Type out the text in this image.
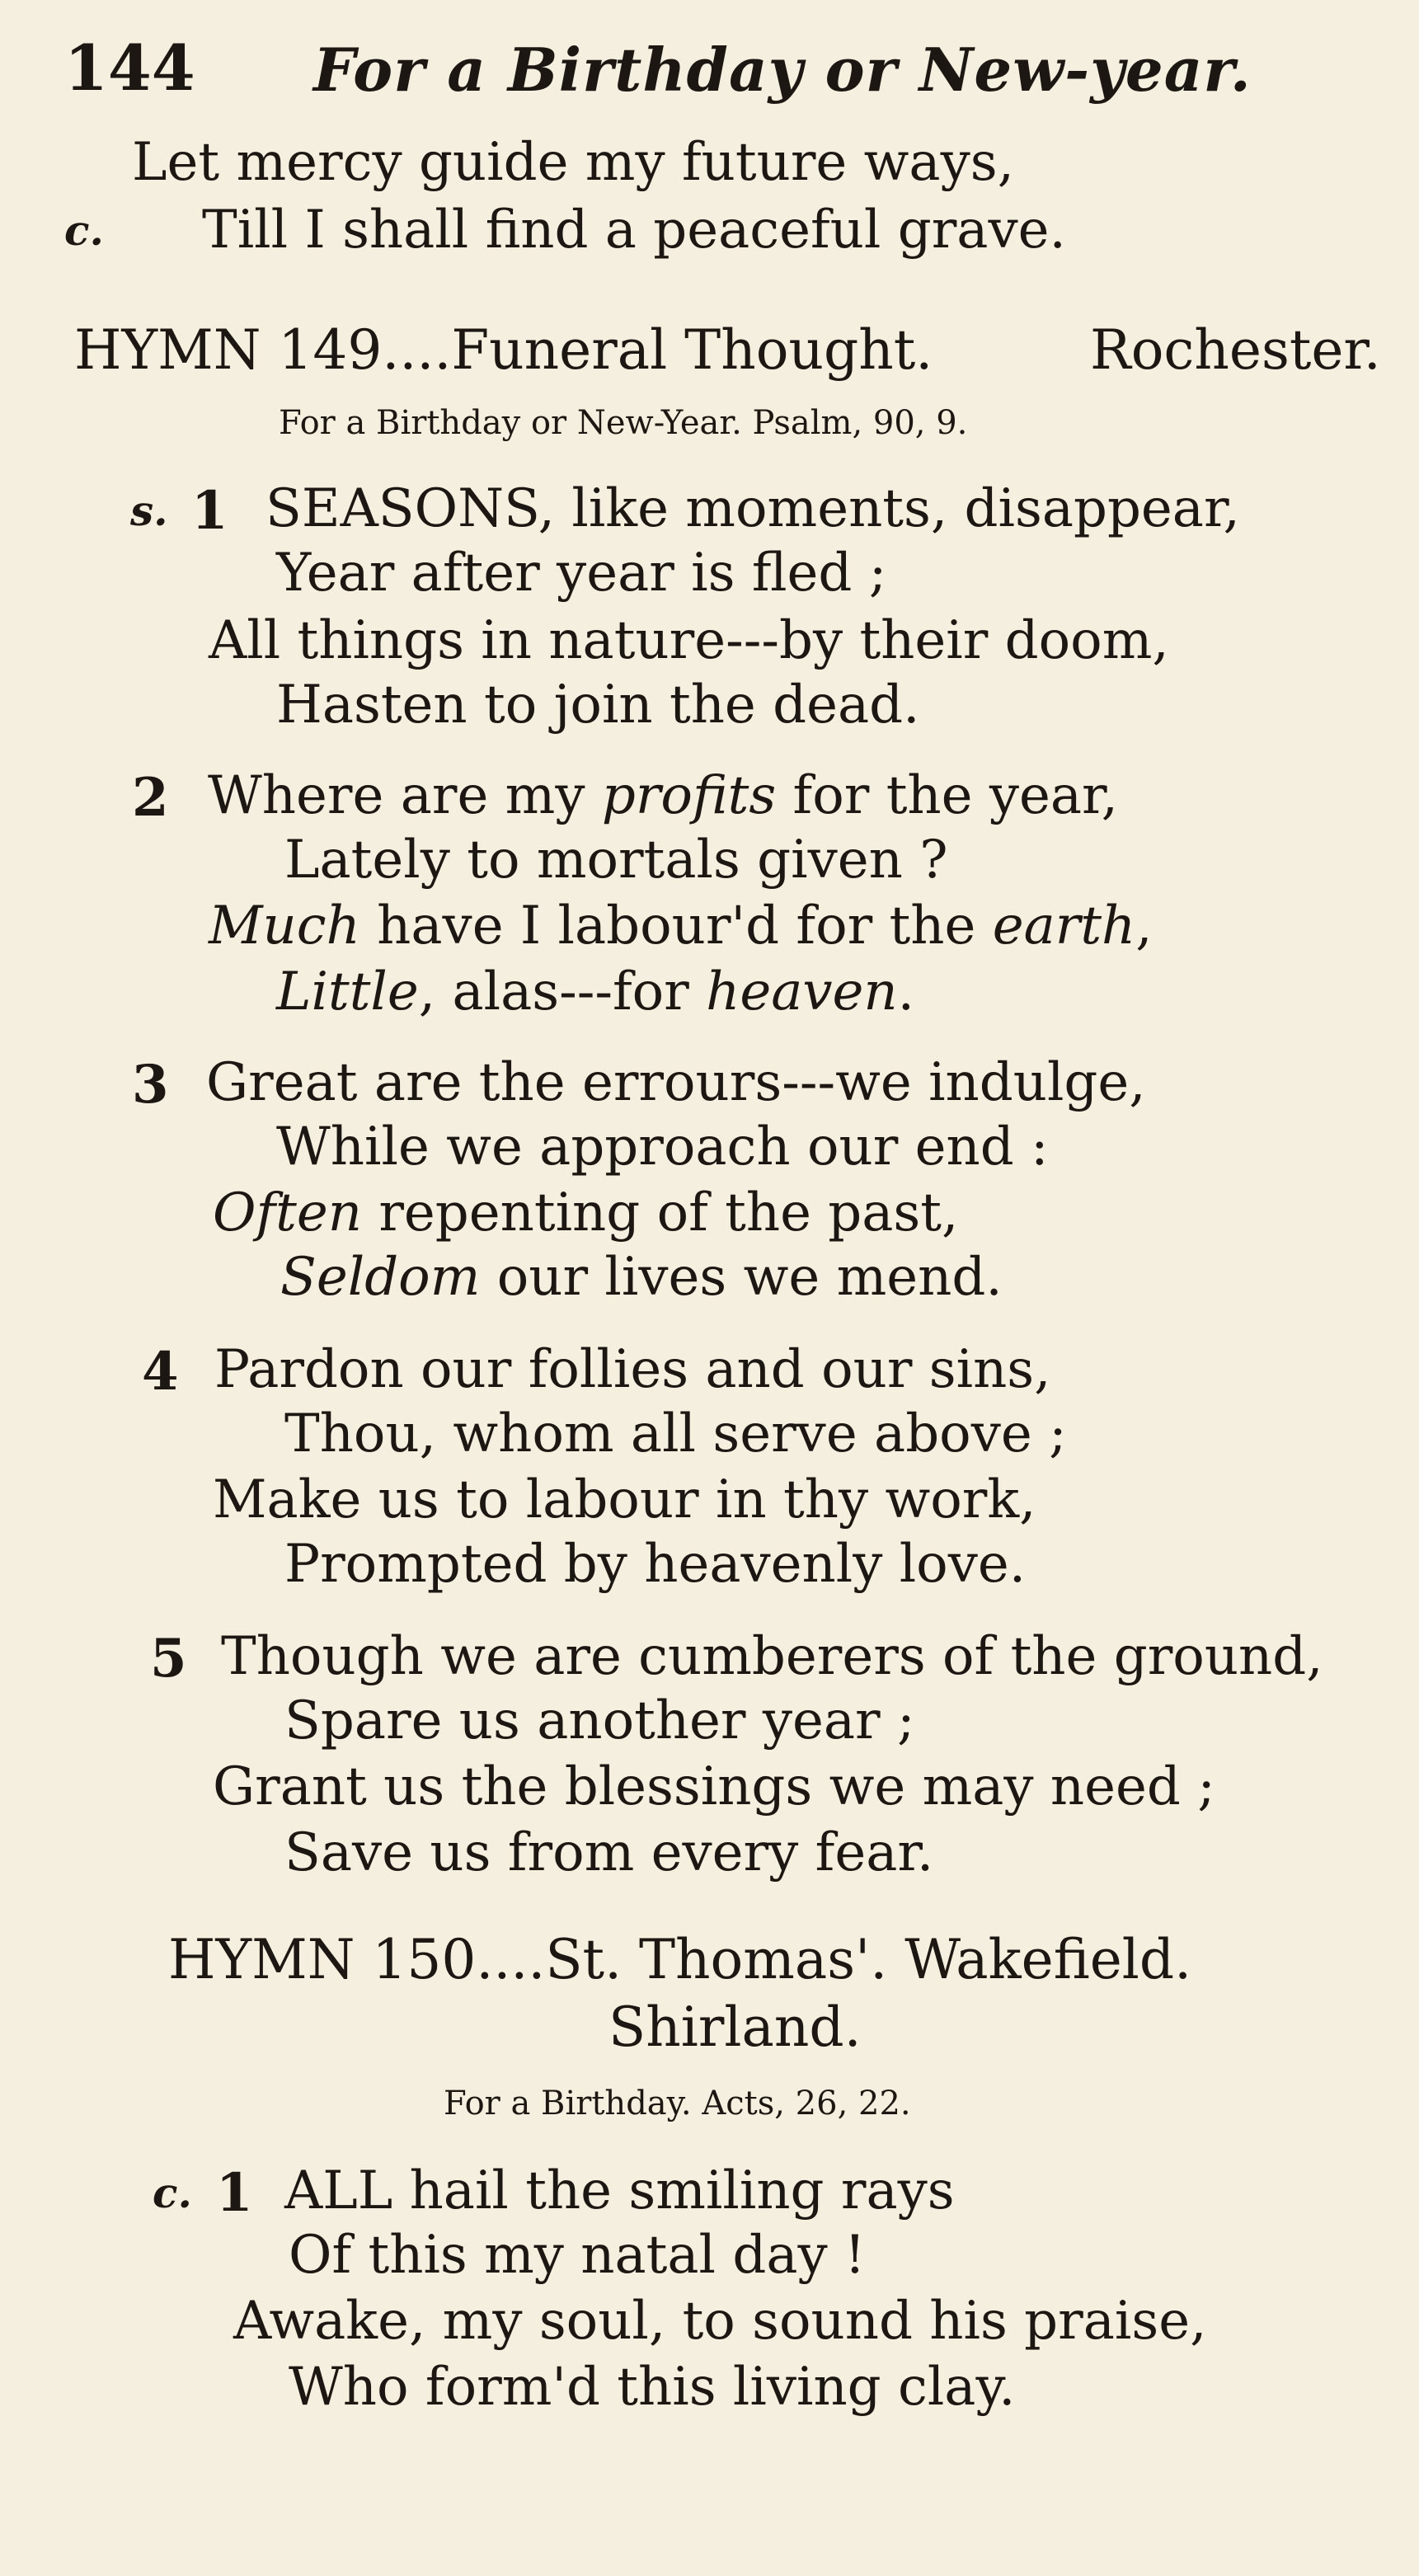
144 For a Birthday or New-year.
Let mercy guide my future ways,
c. Till I shall find a peaceful grave.
HYMN 149....Funeral Thought.	Rochester.
For a Birthday or New-Year. Psalm, 90, 9.
s. 1 SEASONS, like moments, disappear,
Year after year is fled ;
All things in nature---by their doom,
Hasten to join the dead.
2 Where are my profits for the year,
Lately to mortals given ?
Much have I labour'd for the earth,
Little, alas---for heaven.
3 Great are the errours---we indulge,
While we approach our end :
Often repenting of the past,
Seldom our lives we mend.
4 Pardon our follies and our sins,
Thou, whom all serve above ;
Make us to labour in thy work,
Prompted by heavenly love.
5 Though we are cumberers of the ground,
Spare us another year ;
Grant us the blessings we may need ;
Save us from every fear.
HYMN 150....St. Thomas'. Wakefield.
Shirland.
For a Birthday. Acts, 26, 22.
c. 1 ALL hail the smiling rays
Of this my natal day !
Awake, my soul, to sound his praise,
Who form'd this living clay.
